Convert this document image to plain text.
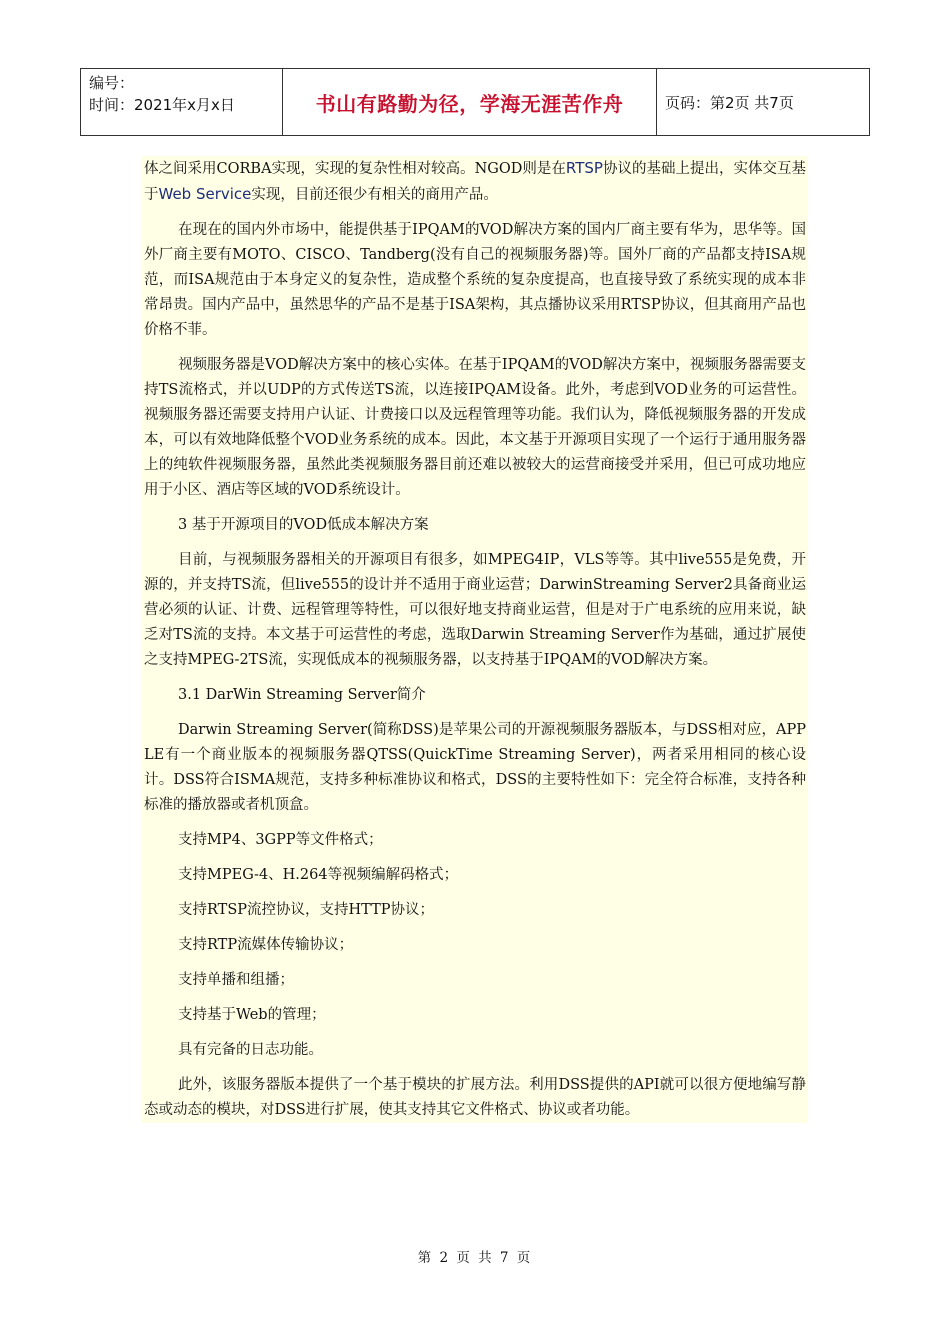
编号：
时间：2021年x月x日	书山有路勤为径，学海无涯苦作舟	页码：第2页 共7页

体之间采用CORBA实现，实现的复杂性相对较高。NGOD则是在RTSP协议的基础上提出，实体交互基于Web Service实现，目前还很少有相关的商用产品。

在现在的国内外市场中，能提供基于IPQAM的VOD解决方案的国内厂商主要有华为，思华等。国外厂商主要有MOTO、CISCO、Tandberg(没有自己的视频服务器)等。国外厂商的产品都支持ISA规范，而ISA规范由于本身定义的复杂性，造成整个系统的复杂度提高，也直接导致了系统实现的成本非常昂贵。国内产品中，虽然思华的产品不是基于ISA架构，其点播协议采用RTSP协议，但其商用产品也价格不菲。

视频服务器是VOD解决方案中的核心实体。在基于IPQAM的VOD解决方案中，视频服务器需要支持TS流格式，并以UDP的方式传送TS流，以连接IPQAM设备。此外，考虑到VOD业务的可运营性。视频服务器还需要支持用户认证、计费接口以及远程管理等功能。我们认为，降低视频服务器的开发成本，可以有效地降低整个VOD业务系统的成本。因此，本文基于开源项目实现了一个运行于通用服务器上的纯软件视频服务器，虽然此类视频服务器目前还难以被较大的运营商接受并采用，但已可成功地应用于小区、酒店等区域的VOD系统设计。

3 基于开源项目的VOD低成本解决方案

目前，与视频服务器相关的开源项目有很多，如MPEG4IP，VLS等等。其中live555是免费，开源的，并支持TS流，但live555的设计并不适用于商业运营；DarwinStreaming Server2具备商业运营必须的认证、计费、远程管理等特性，可以很好地支持商业运营，但是对于广电系统的应用来说，缺乏对TS流的支持。本文基于可运营性的考虑，选取Darwin Streaming Server作为基础，通过扩展使之支持MPEG-2TS流，实现低成本的视频服务器，以支持基于IPQAM的VOD解决方案。

3.1 DarWin Streaming Server简介

Darwin Streaming Server(简称DSS)是苹果公司的开源视频服务器版本，与DSS相对应，APPLE有一个商业版本的视频服务器QTSS(QuickTime Streaming Server)，两者采用相同的核心设计。DSS符合ISMA规范，支持多种标准协议和格式，DSS的主要特性如下：完全符合标准，支持各种标准的播放器或者机顶盒。

支持MP4、3GPP等文件格式；

支持MPEG-4、H.264等视频编解码格式；

支持RTSP流控协议，支持HTTP协议；

支持RTP流媒体传输协议；

支持单播和组播；

支持基于Web的管理；

具有完备的日志功能。

此外，该服务器版本提供了一个基于模块的扩展方法。利用DSS提供的API就可以很方便地编写静态或动态的模块，对DSS进行扩展，使其支持其它文件格式、协议或者功能。

第 2 页 共 7 页
